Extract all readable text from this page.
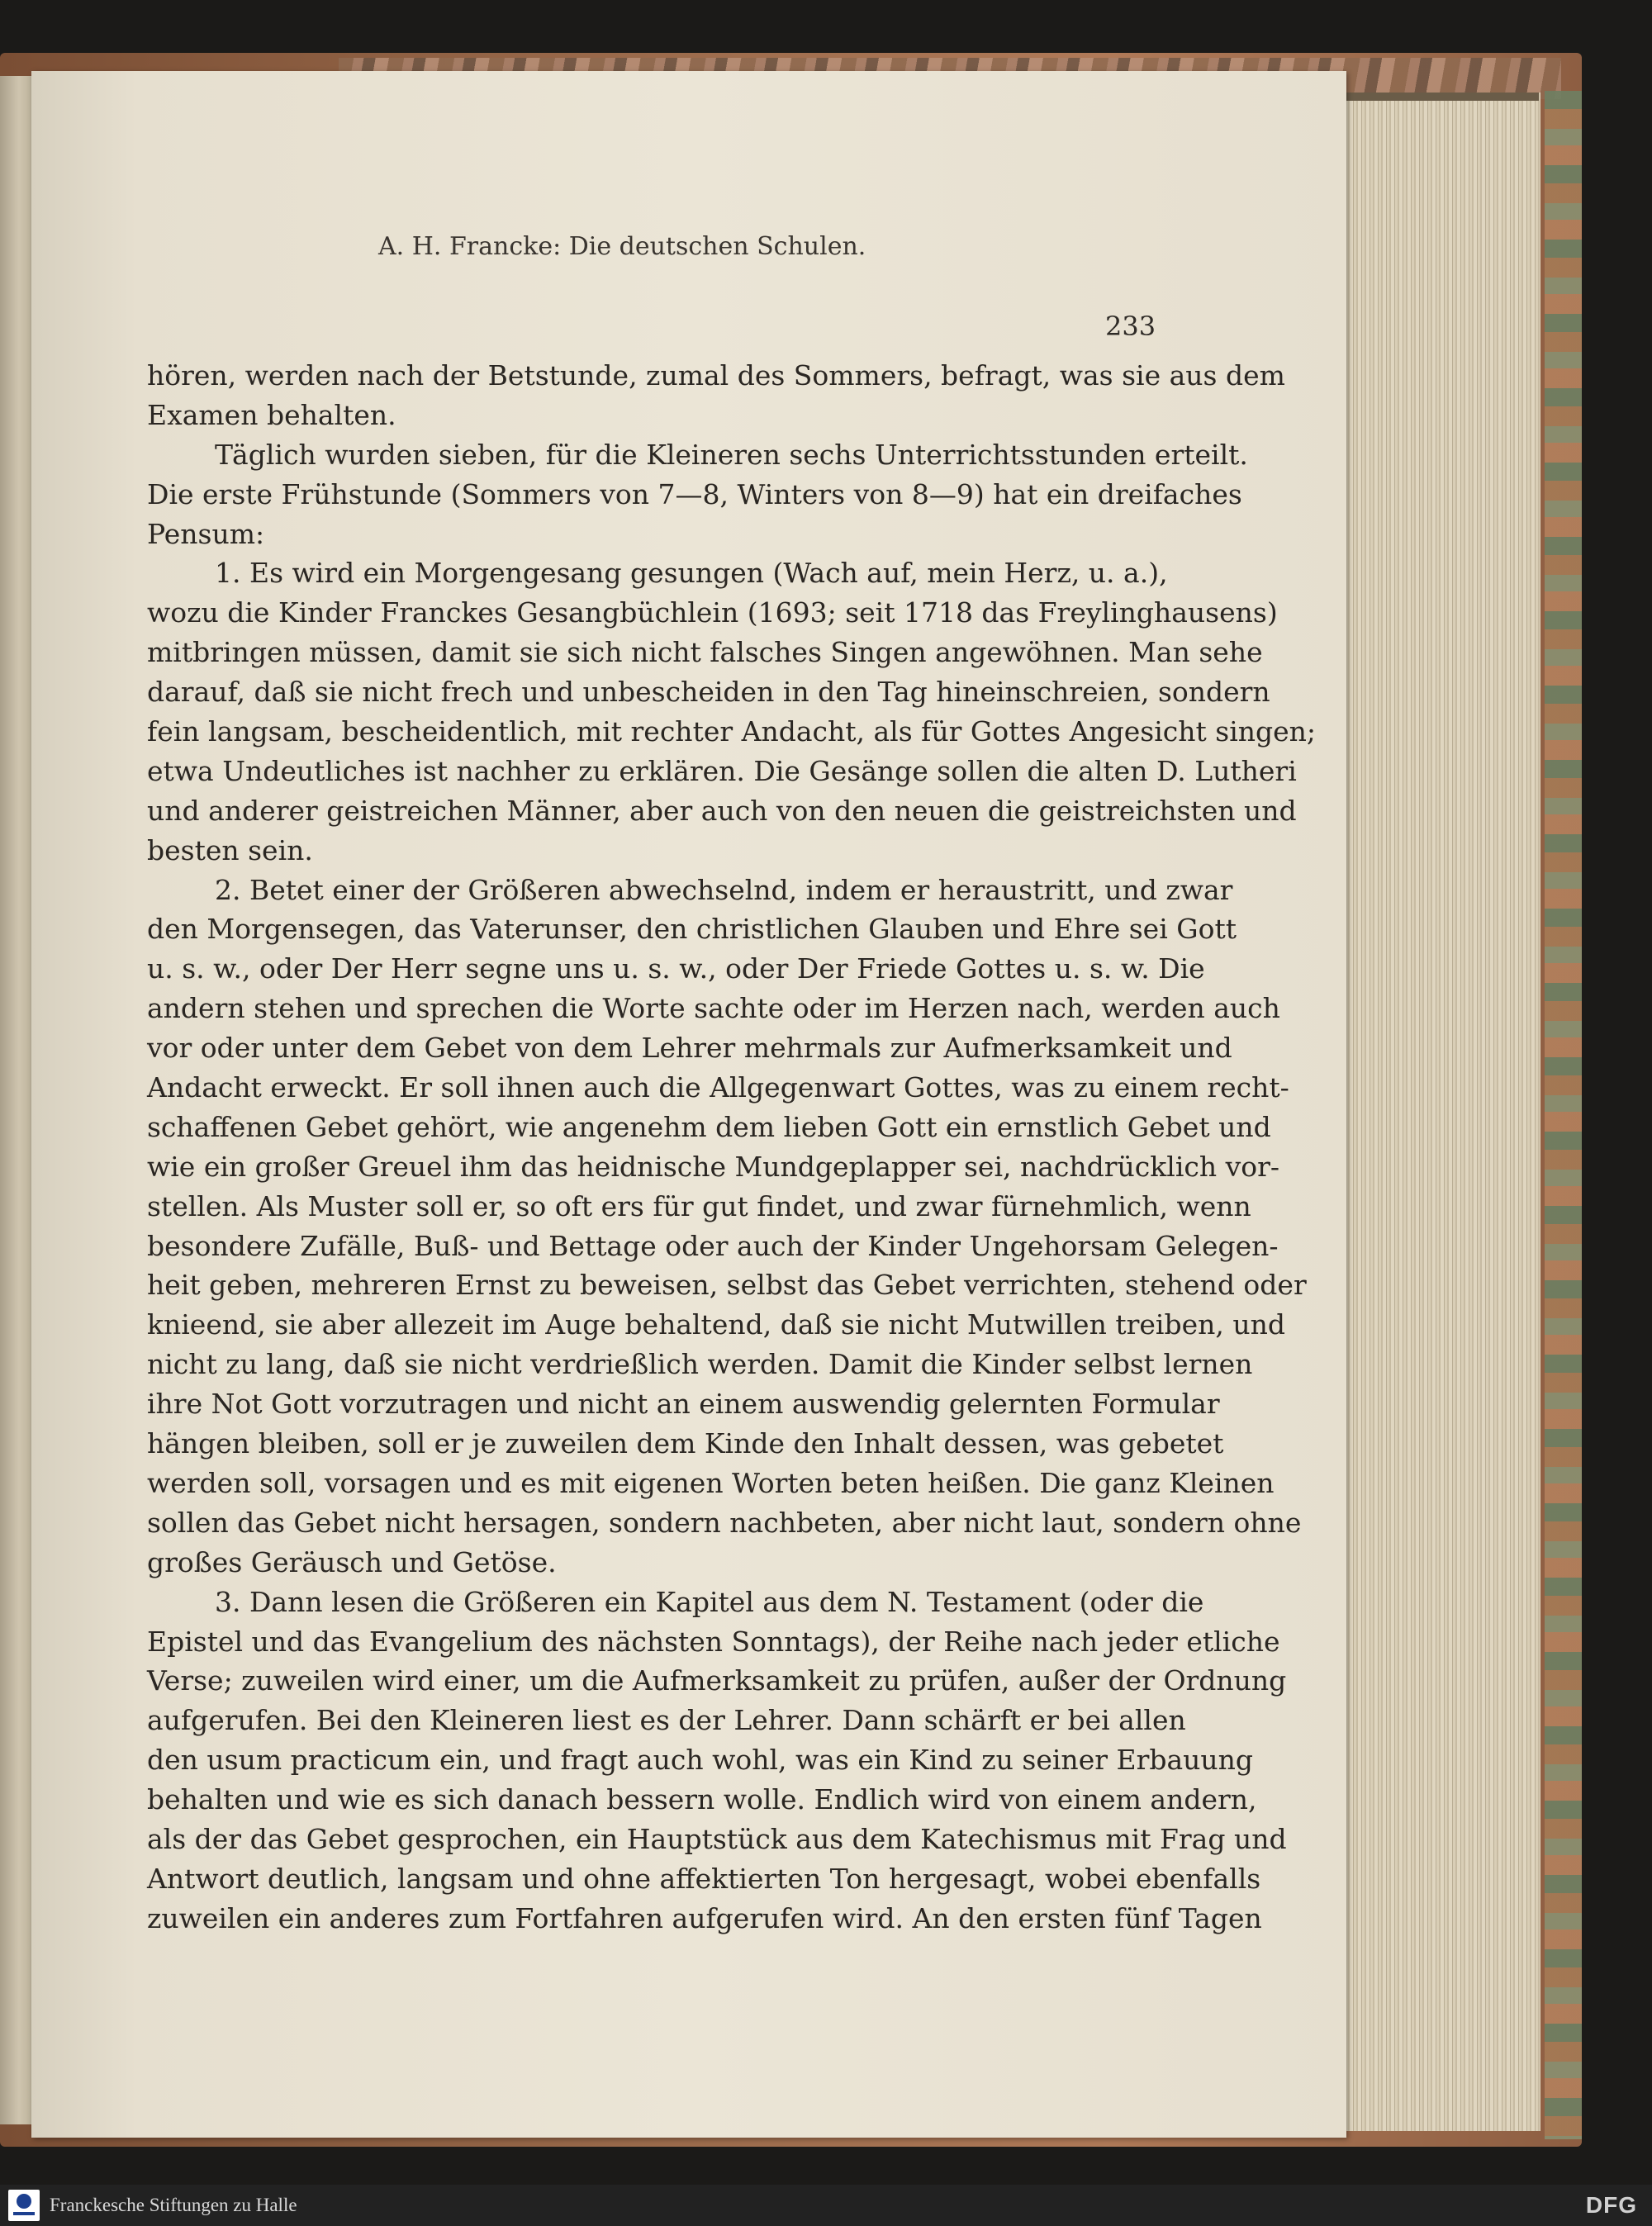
A. H. Francke: Die deutschen Schulen.
233
hören, werden nach der Betstunde, zumal des Sommers, befragt, was sie aus dem
Examen behalten.
Täglich wurden sieben, für die Kleineren sechs Unterrichtsstunden erteilt.
Die erste Frühstunde (Sommers von 7—8, Winters von 8—9) hat ein dreifaches
Pensum:
1. Es wird ein Morgengesang gesungen (Wach auf, mein Herz, u. a.),
wozu die Kinder Franckes Gesangbüchlein (1693; seit 1718 das Freylinghausens)
mitbringen müssen, damit sie sich nicht falsches Singen angewöhnen. Man sehe
darauf, daß sie nicht frech und unbescheiden in den Tag hineinschreien, sondern
fein langsam, bescheidentlich, mit rechter Andacht, als für Gottes Angesicht singen;
etwa Undeutliches ist nachher zu erklären. Die Gesänge sollen die alten D. Lutheri
und anderer geistreichen Männer, aber auch von den neuen die geistreichsten und
besten sein.
2. Betet einer der Größeren abwechselnd, indem er heraustritt, und zwar
den Morgensegen, das Vaterunser, den christlichen Glauben und Ehre sei Gott
u. s. w., oder Der Herr segne uns u. s. w., oder Der Friede Gottes u. s. w. Die
andern stehen und sprechen die Worte sachte oder im Herzen nach, werden auch
vor oder unter dem Gebet von dem Lehrer mehrmals zur Aufmerksamkeit und
Andacht erweckt. Er soll ihnen auch die Allgegenwart Gottes, was zu einem recht-
schaffenen Gebet gehört, wie angenehm dem lieben Gott ein ernstlich Gebet und
wie ein großer Greuel ihm das heidnische Mundgeplapper sei, nachdrücklich vor-
stellen. Als Muster soll er, so oft ers für gut findet, und zwar fürnehmlich, wenn
besondere Zufälle, Buß- und Bettage oder auch der Kinder Ungehorsam Gelegen-
heit geben, mehreren Ernst zu beweisen, selbst das Gebet verrichten, stehend oder
knieend, sie aber allezeit im Auge behaltend, daß sie nicht Mutwillen treiben, und
nicht zu lang, daß sie nicht verdrießlich werden. Damit die Kinder selbst lernen
ihre Not Gott vorzutragen und nicht an einem auswendig gelernten Formular
hängen bleiben, soll er je zuweilen dem Kinde den Inhalt dessen, was gebetet
werden soll, vorsagen und es mit eigenen Worten beten heißen. Die ganz Kleinen
sollen das Gebet nicht hersagen, sondern nachbeten, aber nicht laut, sondern ohne
großes Geräusch und Getöse.
3. Dann lesen die Größeren ein Kapitel aus dem N. Testament (oder die
Epistel und das Evangelium des nächsten Sonntags), der Reihe nach jeder etliche
Verse; zuweilen wird einer, um die Aufmerksamkeit zu prüfen, außer der Ordnung
aufgerufen. Bei den Kleineren liest es der Lehrer. Dann schärft er bei allen
den usum practicum ein, und fragt auch wohl, was ein Kind zu seiner Erbauung
behalten und wie es sich danach bessern wolle. Endlich wird von einem andern,
als der das Gebet gesprochen, ein Hauptstück aus dem Katechismus mit Frag und
Antwort deutlich, langsam und ohne affektierten Ton hergesagt, wobei ebenfalls
zuweilen ein anderes zum Fortfahren aufgerufen wird. An den ersten fünf Tagen
Franckesche Stiftungen zu Halle	DFG
